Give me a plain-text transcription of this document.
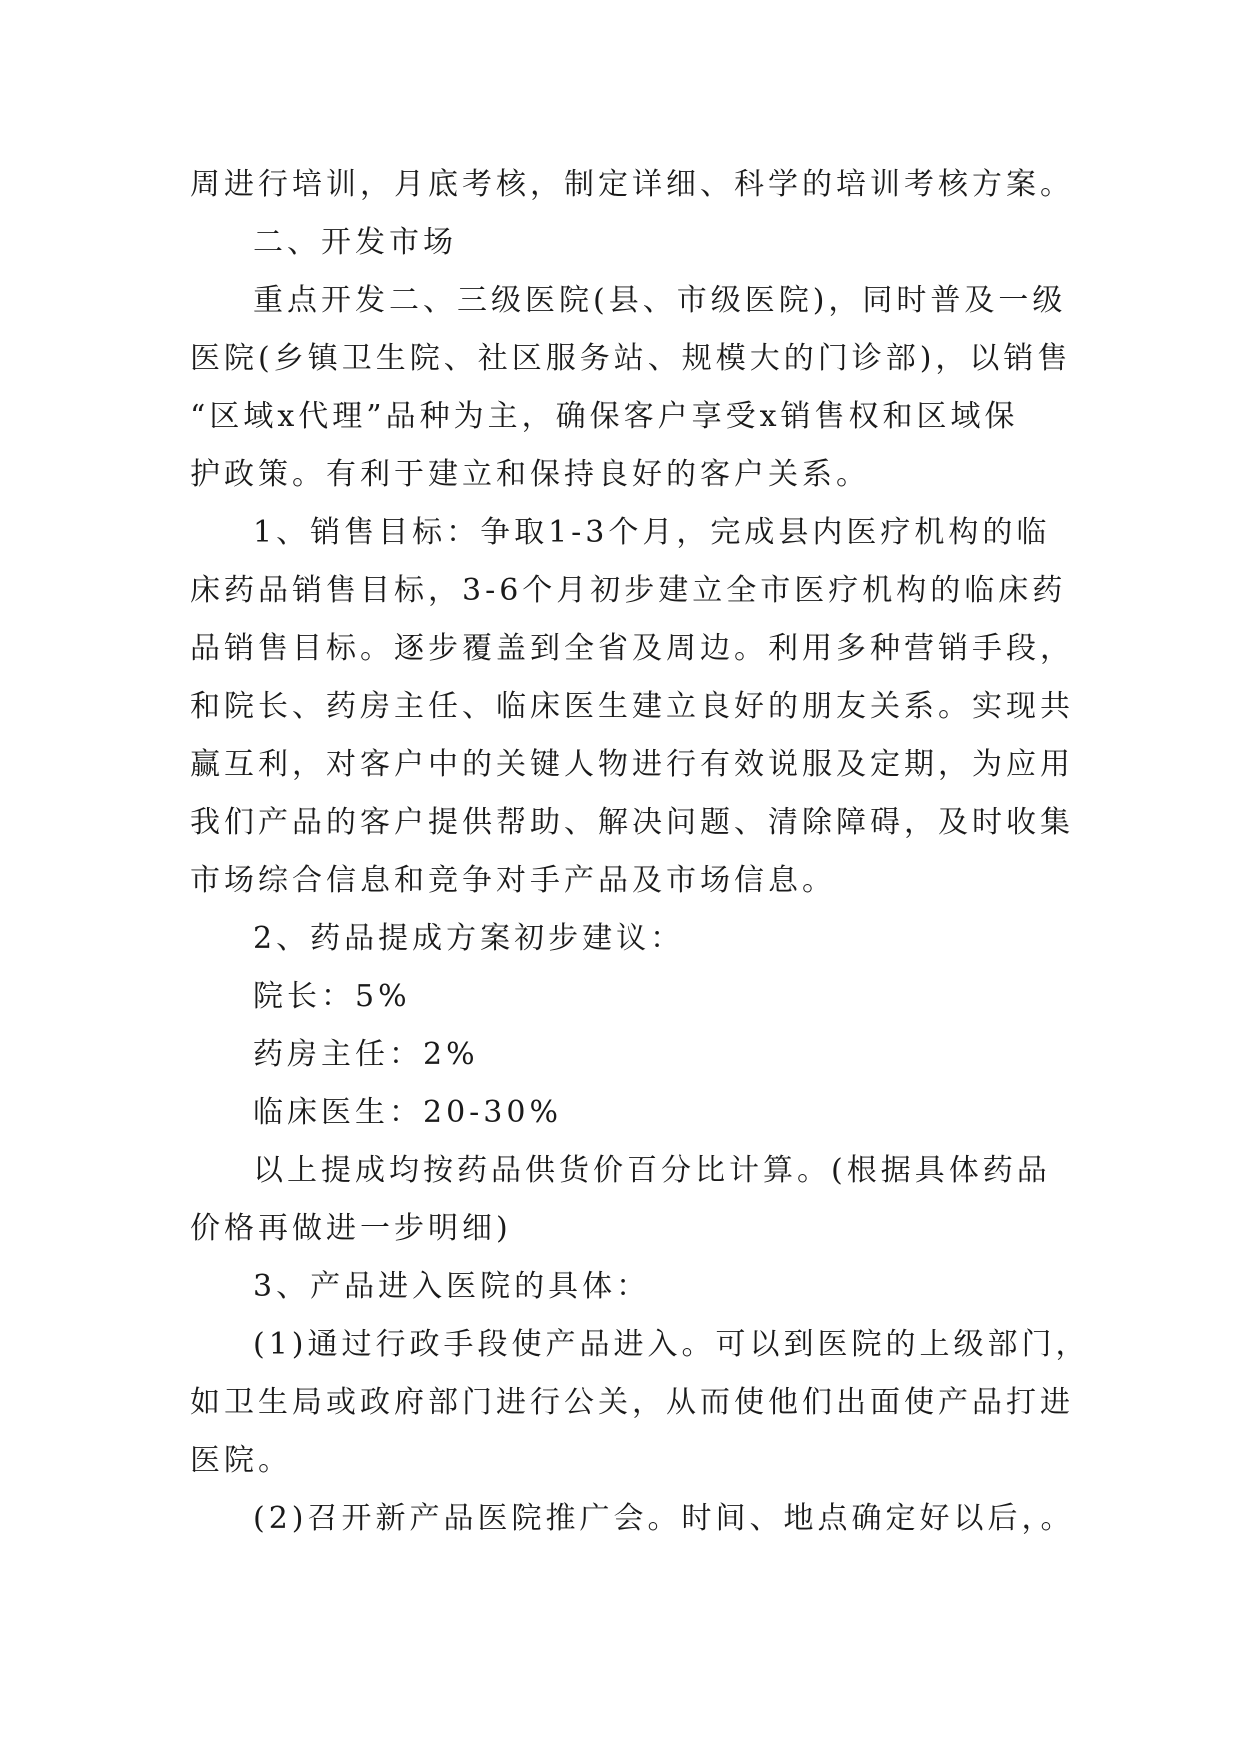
周进行培训，月底考核，制定详细、科学的培训考核方案。

二、开发市场

重点开发二、三级医院(县、市级医院)，同时普及一级

医院(乡镇卫生院、社区服务站、规模大的门诊部)，以销售

“区域x代理”品种为主，确保客户享受x销售权和区域保

护政策。有利于建立和保持良好的客户关系。

1、销售目标：争取1-3个月，完成县内医疗机构的临

床药品销售目标，3-6个月初步建立全市医疗机构的临床药

品销售目标。逐步覆盖到全省及周边。利用多种营销手段，

和院长、药房主任、临床医生建立良好的朋友关系。实现共

赢互利，对客户中的关键人物进行有效说服及定期，为应用

我们产品的客户提供帮助、解决问题、清除障碍，及时收集

市场综合信息和竞争对手产品及市场信息。

2、药品提成方案初步建议：

院长：5%

药房主任：2%

临床医生：20-30%

以上提成均按药品供货价百分比计算。(根据具体药品

价格再做进一步明细)

3、产品进入医院的具体：

(1)通过行政手段使产品进入。可以到医院的上级部门，

如卫生局或政府部门进行公关，从而使他们出面使产品打进

医院。

(2)召开新产品医院推广会。时间、地点确定好以后，。
